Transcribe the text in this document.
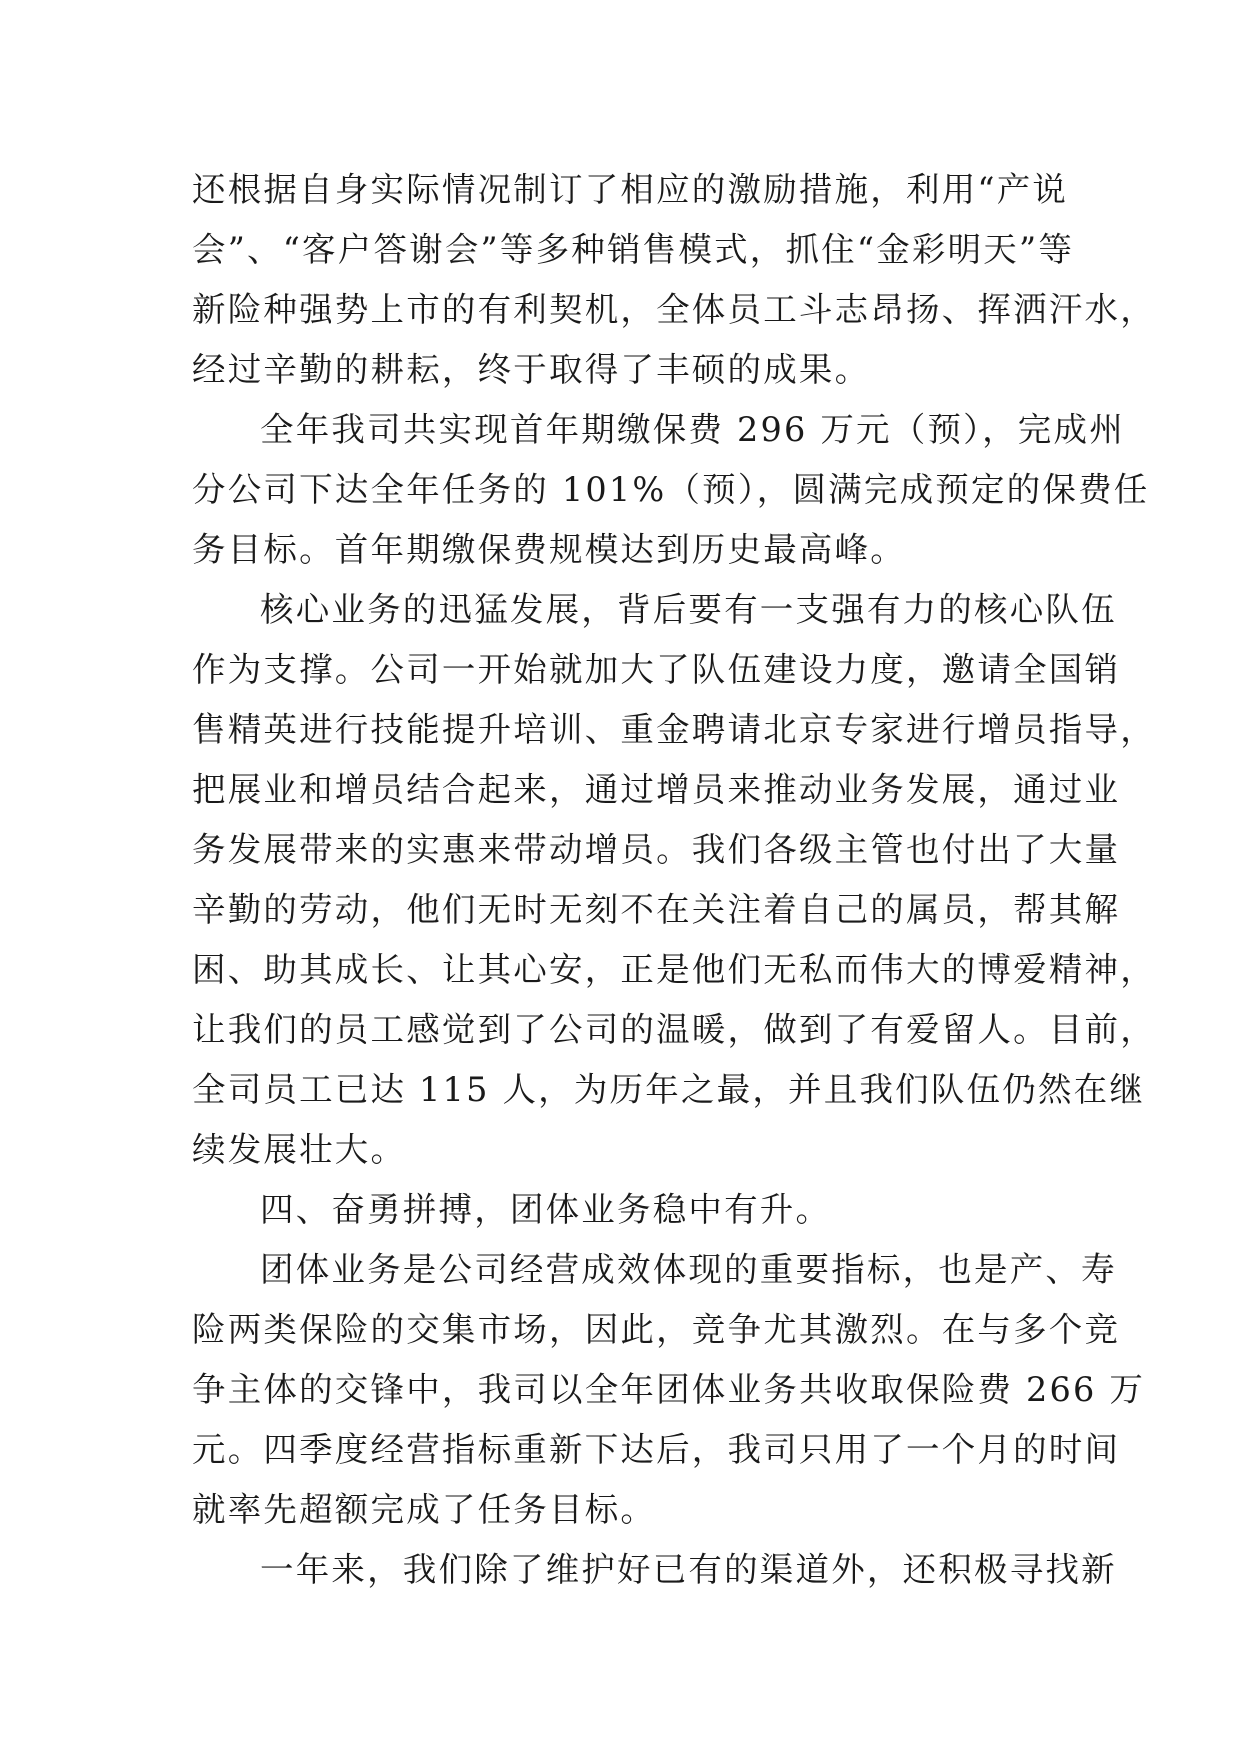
还根据自身实际情况制订了相应的激励措施，利用“产说
会”、“客户答谢会”等多种销售模式，抓住“金彩明天”等
新险种强势上市的有利契机，全体员工斗志昂扬、挥洒汗水，
经过辛勤的耕耘，终于取得了丰硕的成果。
全年我司共实现首年期缴保费 296 万元（预），完成州
分公司下达全年任务的 101%（预），圆满完成预定的保费任
务目标。首年期缴保费规模达到历史最高峰。
核心业务的迅猛发展，背后要有一支强有力的核心队伍
作为支撑。公司一开始就加大了队伍建设力度，邀请全国销
售精英进行技能提升培训、重金聘请北京专家进行增员指导，
把展业和增员结合起来，通过增员来推动业务发展，通过业
务发展带来的实惠来带动增员。我们各级主管也付出了大量
辛勤的劳动，他们无时无刻不在关注着自己的属员，帮其解
困、助其成长、让其心安，正是他们无私而伟大的博爱精神，
让我们的员工感觉到了公司的温暖，做到了有爱留人。目前，
全司员工已达 115 人，为历年之最，并且我们队伍仍然在继
续发展壮大。
四、奋勇拼搏，团体业务稳中有升。
团体业务是公司经营成效体现的重要指标，也是产、寿
险两类保险的交集市场，因此，竞争尤其激烈。在与多个竞
争主体的交锋中，我司以全年团体业务共收取保险费 266 万
元。四季度经营指标重新下达后，我司只用了一个月的时间
就率先超额完成了任务目标。
一年来，我们除了维护好已有的渠道外，还积极寻找新
